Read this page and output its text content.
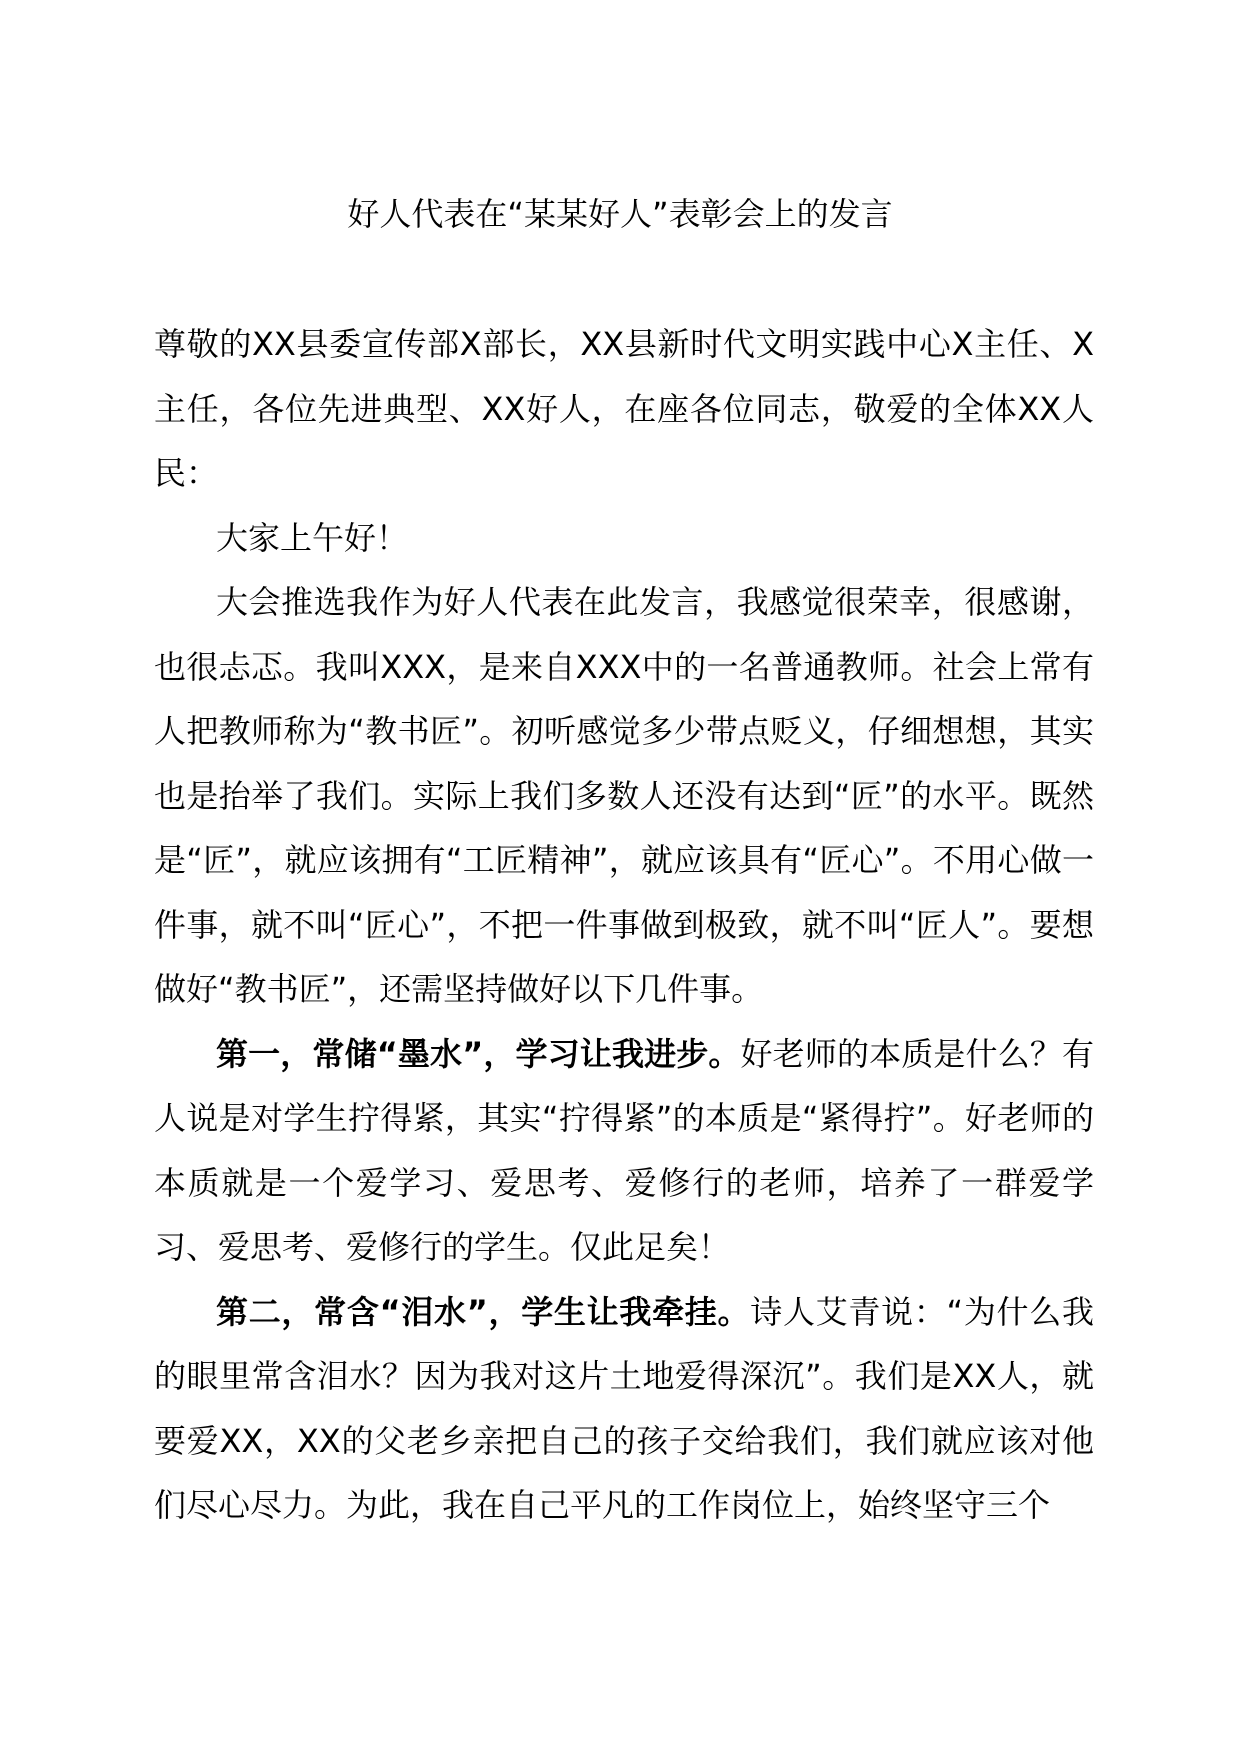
好人代表在“某某好人”表彰会上的发言

尊敬的XX县委宣传部X部长，XX县新时代文明实践中心X主任、X主任，各位先进典型、XX好人，在座各位同志，敬爱的全体XX人民：

大家上午好！

大会推选我作为好人代表在此发言，我感觉很荣幸，很感谢，也很忐忑。我叫XXX，是来自XXX中的一名普通教师。社会上常有人把教师称为“教书匠”。初听感觉多少带点贬义，仔细想想，其实也是抬举了我们。实际上我们多数人还没有达到“匠”的水平。既然是“匠”，就应该拥有“工匠精神”，就应该具有“匠心”。不用心做一件事，就不叫“匠心”，不把一件事做到极致，就不叫“匠人”。要想做好“教书匠”，还需坚持做好以下几件事。

第一，常储“墨水”，学习让我进步。好老师的本质是什么？有人说是对学生拧得紧，其实“拧得紧”的本质是“紧得拧”。好老师的本质就是一个爱学习、爱思考、爱修行的老师，培养了一群爱学习、爱思考、爱修行的学生。仅此足矣！

第二，常含“泪水”，学生让我牵挂。诗人艾青说：“为什么我的眼里常含泪水？因为我对这片土地爱得深沉”。我们是XX人，就要爱XX，XX的父老乡亲把自己的孩子交给我们，我们就应该对他们尽心尽力。为此，我在自己平凡的工作岗位上，始终坚守三个
